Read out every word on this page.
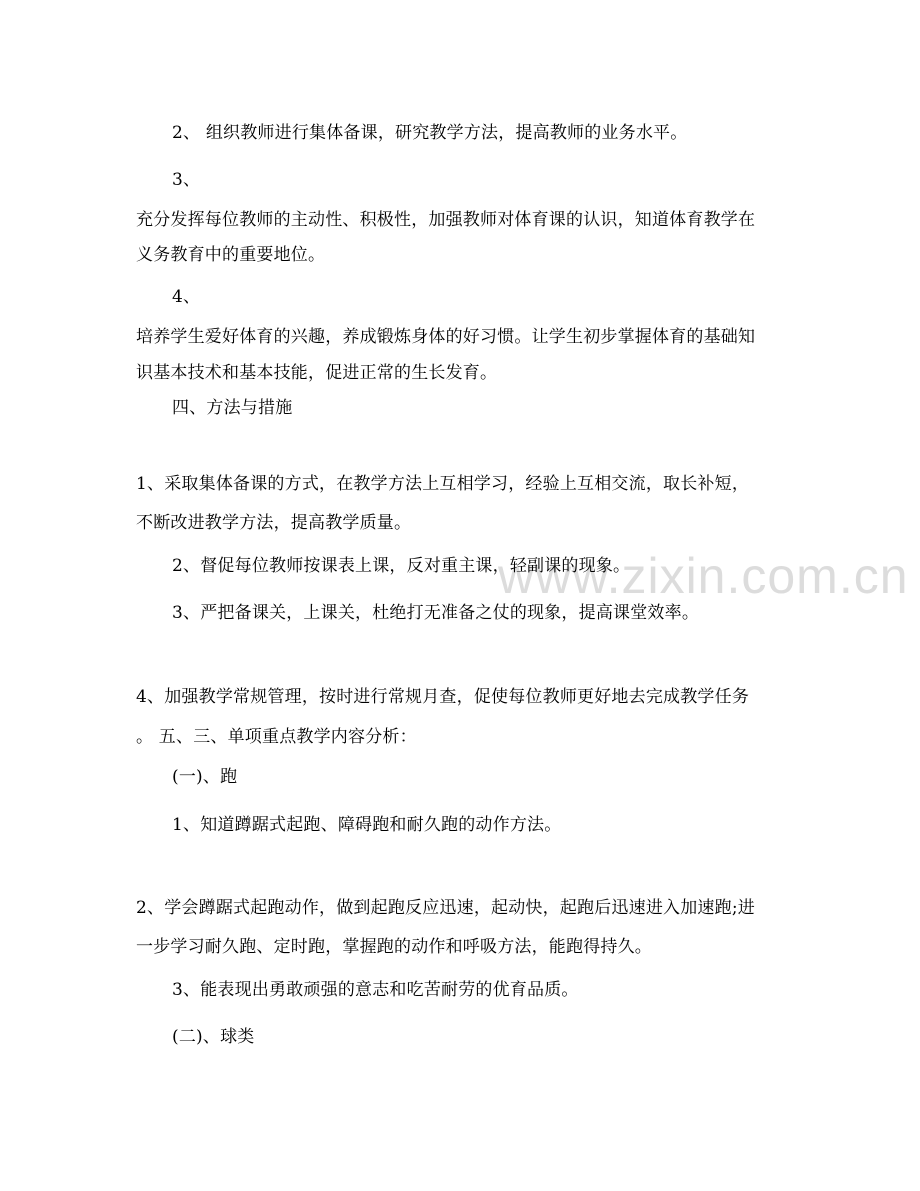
www.zixin.com.cn
2、 组织教师进行集体备课，研究教学方法，提高教师的业务水平。
3、
充分发挥每位教师的主动性、积极性，加强教师对体育课的认识，知道体育教学在
义务教育中的重要地位。
4、
培养学生爱好体育的兴趣，养成锻炼身体的好习惯。让学生初步掌握体育的基础知
识基本技术和基本技能，促进正常的生长发育。
四、方法与措施
1、采取集体备课的方式，在教学方法上互相学习，经验上互相交流，取长补短，
不断改进教学方法，提高教学质量。
2、督促每位教师按课表上课，反对重主课，轻副课的现象。
3、严把备课关，上课关，杜绝打无准备之仗的现象，提高课堂效率。
4、加强教学常规管理，按时进行常规月查，促使每位教师更好地去完成教学任务
。 五、三、单项重点教学内容分析：
(一)、跑
1、知道蹲踞式起跑、障碍跑和耐久跑的动作方法。
2、学会蹲踞式起跑动作，做到起跑反应迅速，起动快，起跑后迅速进入加速跑;进
一步学习耐久跑、定时跑，掌握跑的动作和呼吸方法，能跑得持久。
3、能表现出勇敢顽强的意志和吃苦耐劳的优育品质。
(二)、球类
